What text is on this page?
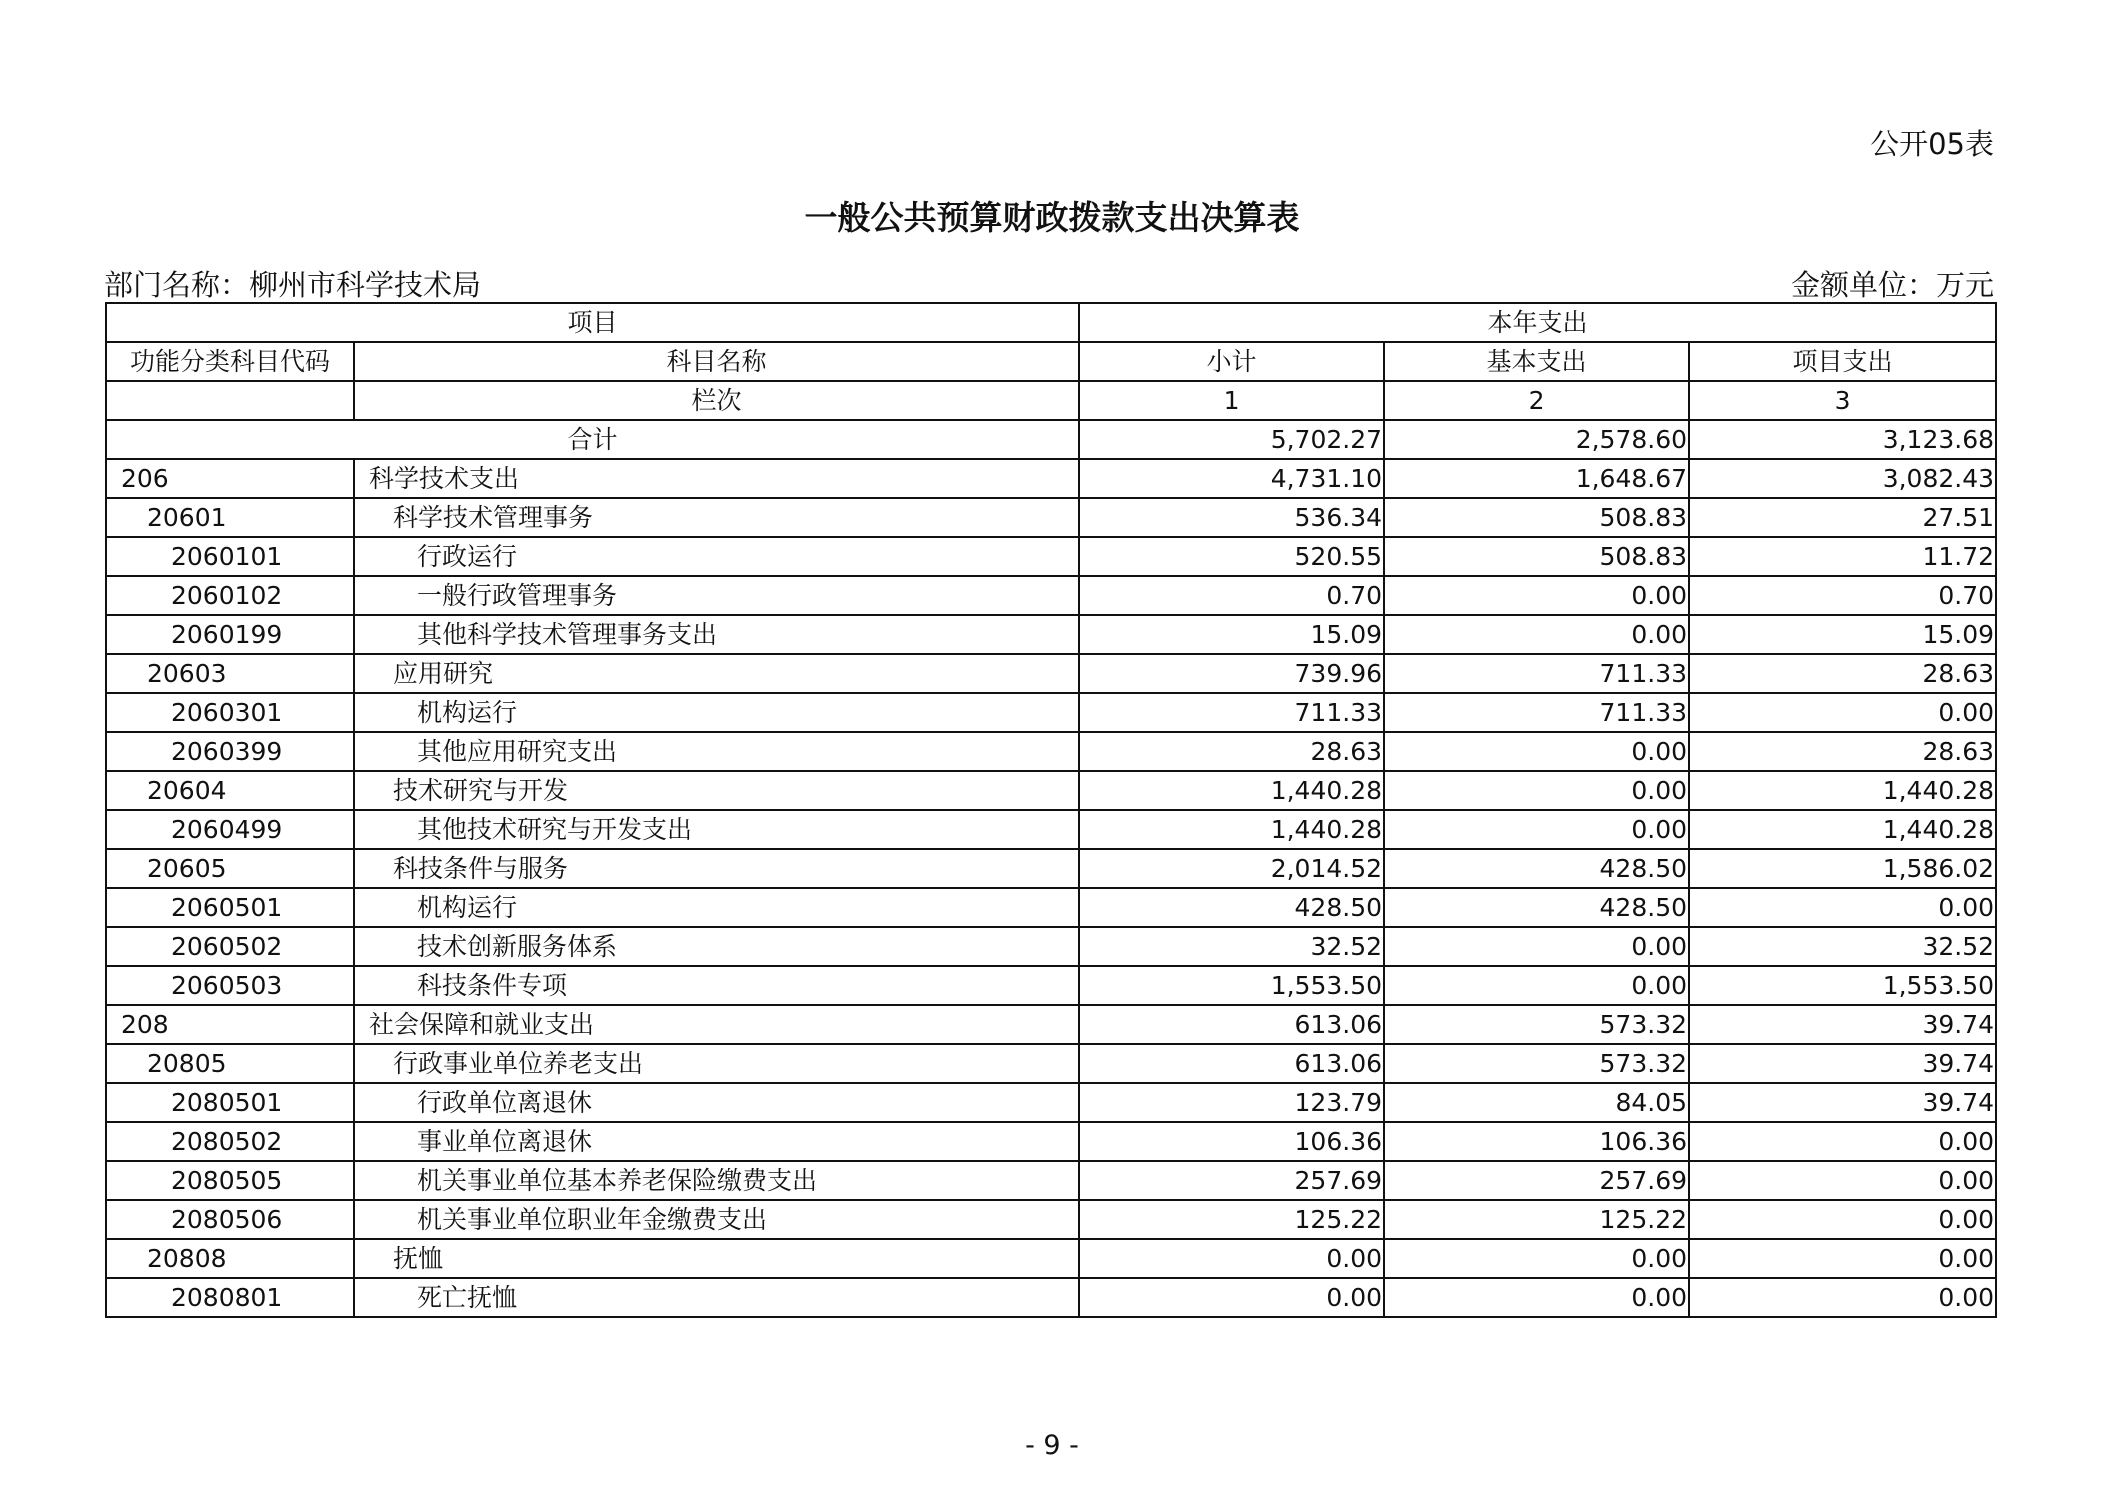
公开05表
一般公共预算财政拨款支出决算表
部门名称：柳州市科学技术局	金额单位：万元
项目		本年支出		
功能分类科目代码	科目名称	小计	基本支出	项目支出
	栏次	1	2	3
合计		5,702.27	2,578.60	3,123.68
206	科学技术支出	4,731.10	1,648.67	3,082.43
20601	科学技术管理事务	536.34	508.83	27.51
2060101	行政运行	520.55	508.83	11.72
2060102	一般行政管理事务	0.70	0.00	0.70
2060199	其他科学技术管理事务支出	15.09	0.00	15.09
20603	应用研究	739.96	711.33	28.63
2060301	机构运行	711.33	711.33	0.00
2060399	其他应用研究支出	28.63	0.00	28.63
20604	技术研究与开发	1,440.28	0.00	1,440.28
2060499	其他技术研究与开发支出	1,440.28	0.00	1,440.28
20605	科技条件与服务	2,014.52	428.50	1,586.02
2060501	机构运行	428.50	428.50	0.00
2060502	技术创新服务体系	32.52	0.00	32.52
2060503	科技条件专项	1,553.50	0.00	1,553.50
208	社会保障和就业支出	613.06	573.32	39.74
20805	行政事业单位养老支出	613.06	573.32	39.74
2080501	行政单位离退休	123.79	84.05	39.74
2080502	事业单位离退休	106.36	106.36	0.00
2080505	机关事业单位基本养老保险缴费支出	257.69	257.69	0.00
2080506	机关事业单位职业年金缴费支出	125.22	125.22	0.00
20808	抚恤	0.00	0.00	0.00
2080801	死亡抚恤	0.00	0.00	0.00
- 9 -
